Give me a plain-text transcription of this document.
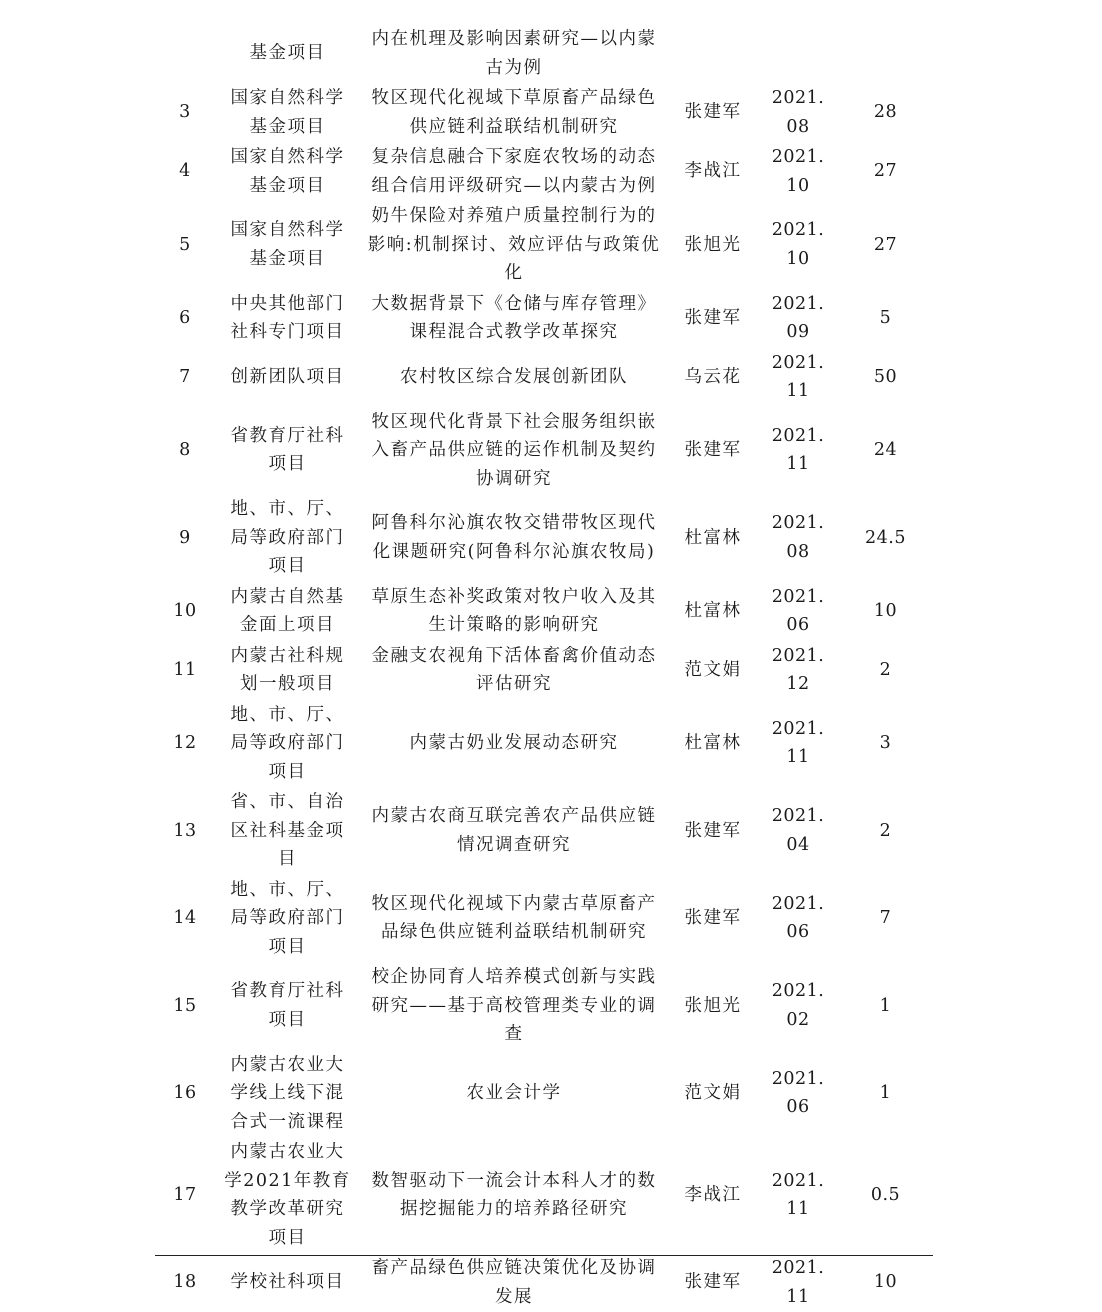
	基金项目	内在机理及影响因素研究—以内蒙古为例			
3	国家自然科学基金项目	牧区现代化视域下草原畜产品绿色供应链利益联结机制研究	张建军	2021.08	28
4	国家自然科学基金项目	复杂信息融合下家庭农牧场的动态组合信用评级研究—以内蒙古为例	李战江	2021.10	27
5	国家自然科学基金项目	奶牛保险对养殖户质量控制行为的影响:机制探讨、效应评估与政策优化	张旭光	2021.10	27
6	中央其他部门社科专门项目	大数据背景下《仓储与库存管理》课程混合式教学改革探究	张建军	2021.09	5
7	创新团队项目	农村牧区综合发展创新团队	乌云花	2021.11	50
8	省教育厅社科项目	牧区现代化背景下社会服务组织嵌入畜产品供应链的运作机制及契约协调研究	张建军	2021.11	24
9	地、市、厅、局等政府部门项目	阿鲁科尔沁旗农牧交错带牧区现代化课题研究(阿鲁科尔沁旗农牧局)	杜富林	2021.08	24.5
10	内蒙古自然基金面上项目	草原生态补奖政策对牧户收入及其生计策略的影响研究	杜富林	2021.06	10
11	内蒙古社科规划一般项目	金融支农视角下活体畜禽价值动态评估研究	范文娟	2021.12	2
12	地、市、厅、局等政府部门项目	内蒙古奶业发展动态研究	杜富林	2021.11	3
13	省、市、自治区社科基金项目	内蒙古农商互联完善农产品供应链情况调查研究	张建军	2021.04	2
14	地、市、厅、局等政府部门项目	牧区现代化视域下内蒙古草原畜产品绿色供应链利益联结机制研究	张建军	2021.06	7
15	省教育厅社科项目	校企协同育人培养模式创新与实践研究——基于高校管理类专业的调查	张旭光	2021.02	1
16	内蒙古农业大学线上线下混合式一流课程	农业会计学	范文娟	2021.06	1
17	内蒙古农业大学2021年教育教学改革研究项目	数智驱动下一流会计本科人才的数据挖掘能力的培养路径研究	李战江	2021.11	0.5
18	学校社科项目	畜产品绿色供应链决策优化及协调发展	张建军	2021.11	10
